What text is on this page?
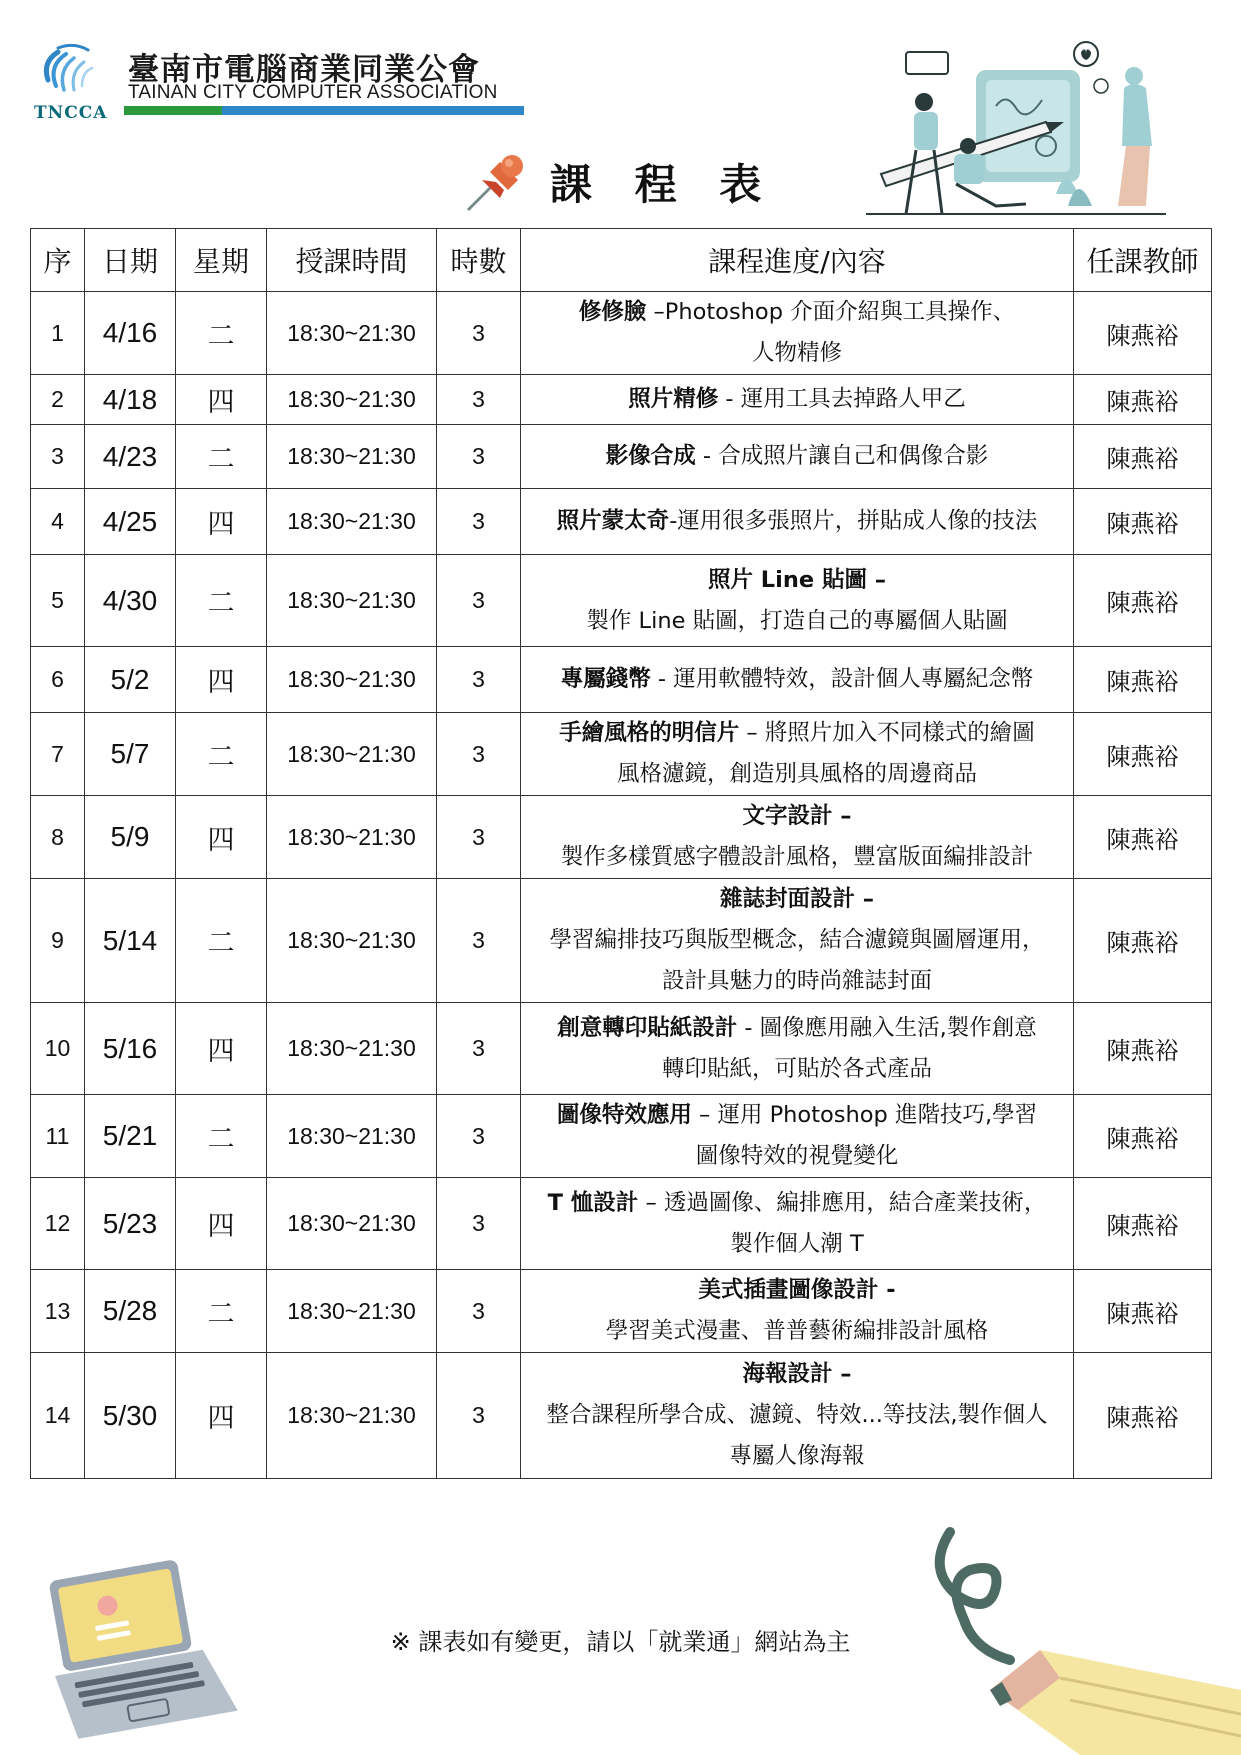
TNCCA
臺南市電腦商業同業公會
TAINAN CITY COMPUTER ASSOCIATION
課 程 表
序	日期	星期	授課時間	時數	課程進度/內容	任課教師
1	4/16	二	18:30~21:30	3	修修臉 –Photoshop 介面介紹與工具操作、
人物精修	陳燕裕
2	4/18	四	18:30~21:30	3	照片精修 - 運用工具去掉路人甲乙	陳燕裕
3	4/23	二	18:30~21:30	3	影像合成 - 合成照片讓自己和偶像合影	陳燕裕
4	4/25	四	18:30~21:30	3	照片蒙太奇-運用很多張照片，拼貼成人像的技法	陳燕裕
5	4/30	二	18:30~21:30	3	照片 Line 貼圖 –
製作 Line 貼圖，打造自己的專屬個人貼圖	陳燕裕
6	5/2	四	18:30~21:30	3	專屬錢幣 - 運用軟體特效，設計個人專屬紀念幣	陳燕裕
7	5/7	二	18:30~21:30	3	手繪風格的明信片 – 將照片加入不同樣式的繪圖
風格濾鏡，創造別具風格的周邊商品	陳燕裕
8	5/9	四	18:30~21:30	3	文字設計 –
製作多樣質感字體設計風格，豐富版面編排設計	陳燕裕
9	5/14	二	18:30~21:30	3	雜誌封面設計 –
學習編排技巧與版型概念，結合濾鏡與圖層運用，
設計具魅力的時尚雜誌封面	陳燕裕
10	5/16	四	18:30~21:30	3	創意轉印貼紙設計 - 圖像應用融入生活,製作創意
轉印貼紙，可貼於各式產品	陳燕裕
11	5/21	二	18:30~21:30	3	圖像特效應用 – 運用 Photoshop 進階技巧,學習
圖像特效的視覺變化	陳燕裕
12	5/23	四	18:30~21:30	3	T 恤設計 – 透過圖像、編排應用，結合產業技術，
製作個人潮 T	陳燕裕
13	5/28	二	18:30~21:30	3	美式插畫圖像設計 -
學習美式漫畫、普普藝術編排設計風格	陳燕裕
14	5/30	四	18:30~21:30	3	海報設計 –
整合課程所學合成、濾鏡、特效...等技法,製作個人
專屬人像海報	陳燕裕
※ 課表如有變更，請以「就業通」網站為主
